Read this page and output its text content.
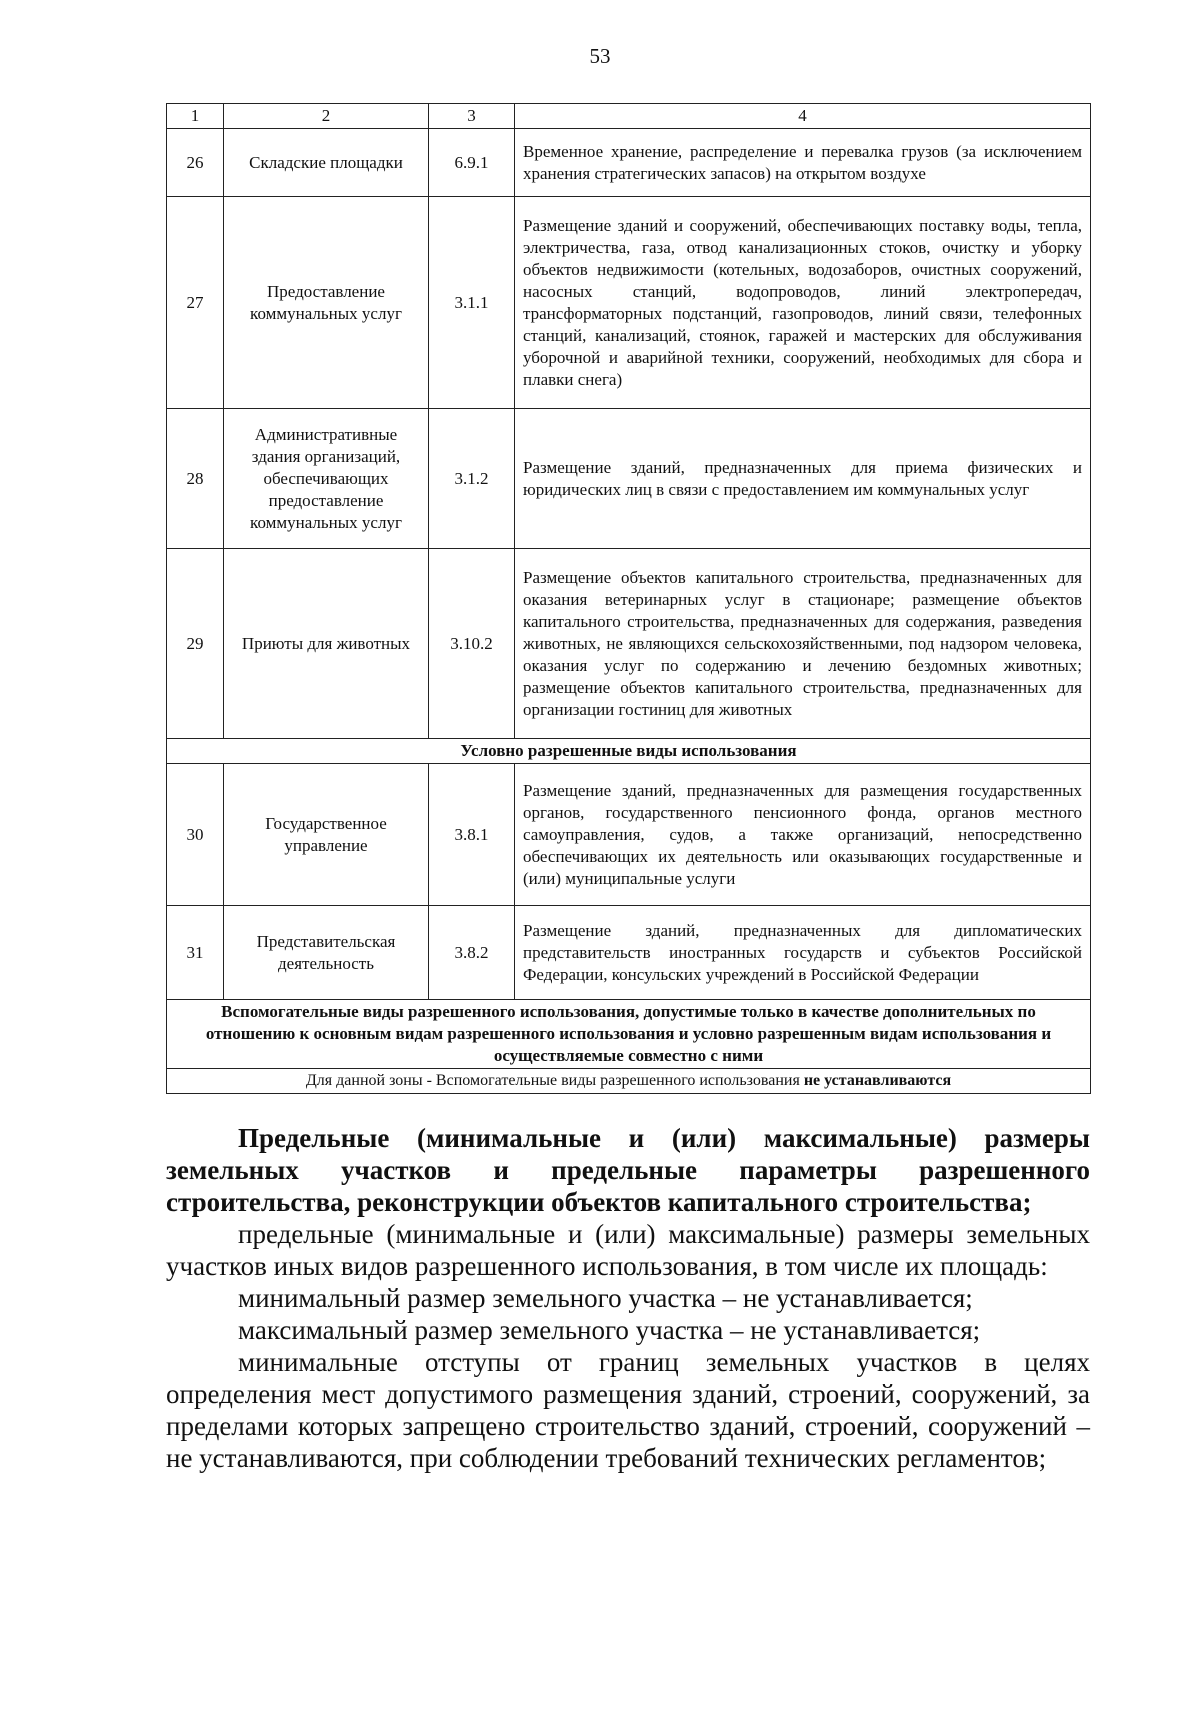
53
1	2	3	4
26	Складские площадки	6.9.1	Временное хранение, распределение и перевалка грузов (за исключением хранения стратегических запасов) на открытом воздухе
27	Предоставление коммунальных услуг	3.1.1	Размещение зданий и сооружений, обеспечивающих поставку воды, тепла, электричества, газа, отвод канализационных стоков, очистку и уборку объектов недвижимости (котельных, водозаборов, очистных сооружений, насосных станций, водопроводов, линий электропередач, трансформаторных подстанций, газопроводов, линий связи, телефонных станций, канализаций, стоянок, гаражей и мастерских для обслуживания уборочной и аварийной техники, сооружений, необходимых для сбора и плавки снега)
28	Административные здания организаций, обеспечивающих предоставление коммунальных услуг	3.1.2	Размещение зданий, предназначенных для приема физических и юридических лиц в связи с предоставлением им коммунальных услуг
29	Приюты для животных	3.10.2	Размещение объектов капитального строительства, предназначенных для оказания ветеринарных услуг в стационаре; размещение объектов капитального строительства, предназначенных для содержания, разведения животных, не являющихся сельскохозяйственными, под надзором человека, оказания услуг по содержанию и лечению бездомных животных; размещение объектов капитального строительства, предназначенных для организации гостиниц для животных
Условно разрешенные виды использования			
30	Государственное управление	3.8.1	Размещение зданий, предназначенных для размещения государственных органов, государственного пенсионного фонда, органов местного самоуправления, судов, а также организаций, непосредственно обеспечивающих их деятельность или оказывающих государственные и (или) муниципальные услуги
31	Представительская деятельность	3.8.2	Размещение зданий, предназначенных для дипломатических представительств иностранных государств и субъектов Российской Федерации, консульских учреждений в Российской Федерации
Вспомогательные виды разрешенного использования, допустимые только в качестве дополнительных по отношению к основным видам разрешенного использования и условно разрешенным видам использования и осуществляемые совместно с ними			
Для данной зоны - Вспомогательные виды разрешенного использования не устанавливаются			

Предельные (минимальные и (или) максимальные) размеры земельных участков и предельные параметры разрешенного строительства, реконструкции объектов капитального строительства;

предельные (минимальные и (или) максимальные) размеры земельных участков иных видов разрешенного использования, в том числе их площадь:

минимальный размер земельного участка – не устанавливается;

максимальный размер земельного участка – не устанавливается;

минимальные отступы от границ земельных участков в целях определения мест допустимого размещения зданий, строений, сооружений, за пределами которых запрещено строительство зданий, строений, сооружений – не устанавливаются, при соблюдении требований технических регламентов;
